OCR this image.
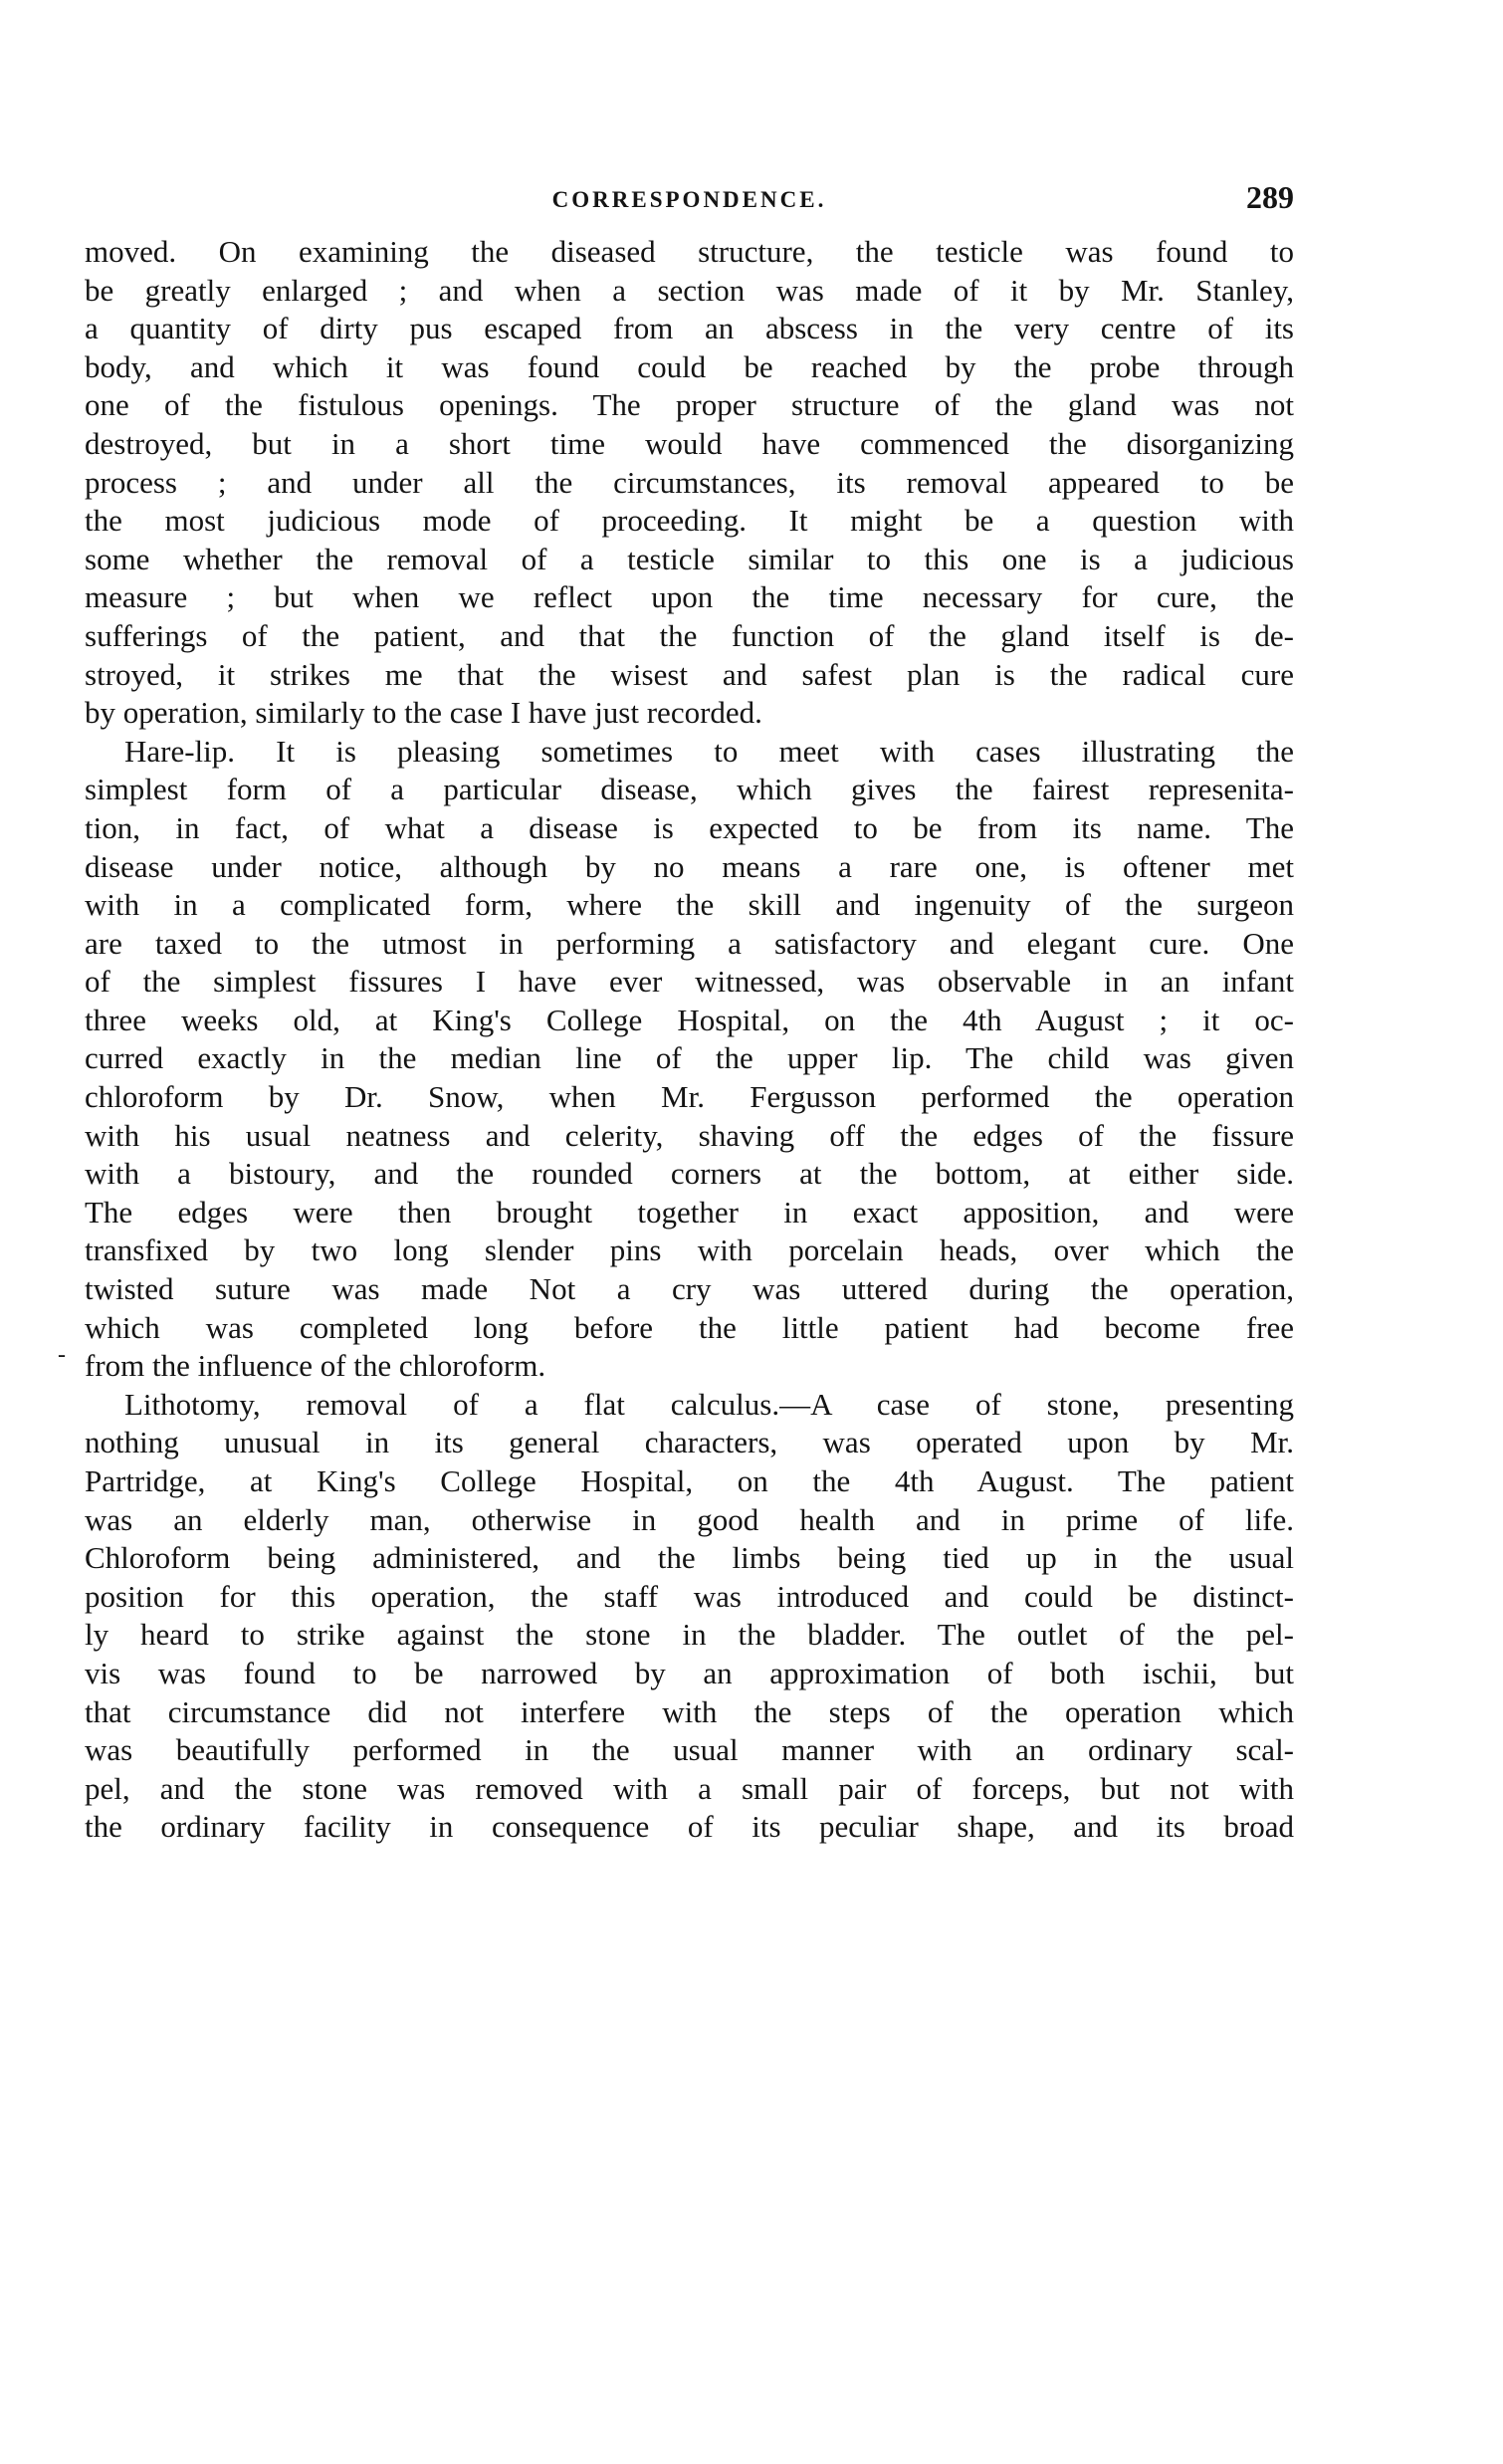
CORRESPONDENCE.	289
-
moved. On examining the diseased structure, the testicle was found to
be greatly enlarged ; and when a section was made of it by Mr. Stanley,
a quantity of dirty pus escaped from an abscess in the very centre of its
body, and which it was found could be reached by the probe through
one of the fistulous openings. The proper structure of the gland was not
destroyed, but in a short time would have commenced the disorganizing
process ; and under all the circumstances, its removal appeared to be
the most judicious mode of proceeding. It might be a question with
some whether the removal of a testicle similar to this one is a judicious
measure ; but when we reflect upon the time necessary for cure, the
sufferings of the patient, and that the function of the gland itself is de-
stroyed, it strikes me that the wisest and safest plan is the radical cure
by operation, similarly to the case I have just recorded.
Hare-lip. It is pleasing sometimes to meet with cases illustrating the
simplest form of a particular disease, which gives the fairest represenita-
tion, in fact, of what a disease is expected to be from its name. The
disease under notice, although by no means a rare one, is oftener met
with in a complicated form, where the skill and ingenuity of the surgeon
are taxed to the utmost in performing a satisfactory and elegant cure. One
of the simplest fissures I have ever witnessed, was observable in an infant
three weeks old, at King's College Hospital, on the 4th August ; it oc-
curred exactly in the median line of the upper lip. The child was given
chloroform by Dr. Snow, when Mr. Fergusson performed the operation
with his usual neatness and celerity, shaving off the edges of the fissure
with a bistoury, and the rounded corners at the bottom, at either side.
The edges were then brought together in exact apposition, and were
transfixed by two long slender pins with porcelain heads, over which the
twisted suture was made Not a cry was uttered during the operation,
which was completed long before the little patient had become free
from the influence of the chloroform.
Lithotomy, removal of a flat calculus.—A case of stone, presenting
nothing unusual in its general characters, was operated upon by Mr.
Partridge, at King's College Hospital, on the 4th August. The patient
was an elderly man, otherwise in good health and in prime of life.
Chloroform being administered, and the limbs being tied up in the usual
position for this operation, the staff was introduced and could be distinct-
ly heard to strike against the stone in the bladder. The outlet of the pel-
vis was found to be narrowed by an approximation of both ischii, but
that circumstance did not interfere with the steps of the operation which
was beautifully performed in the usual manner with an ordinary scal-
pel, and the stone was removed with a small pair of forceps, but not with
the ordinary facility in consequence of its peculiar shape, and its broad
